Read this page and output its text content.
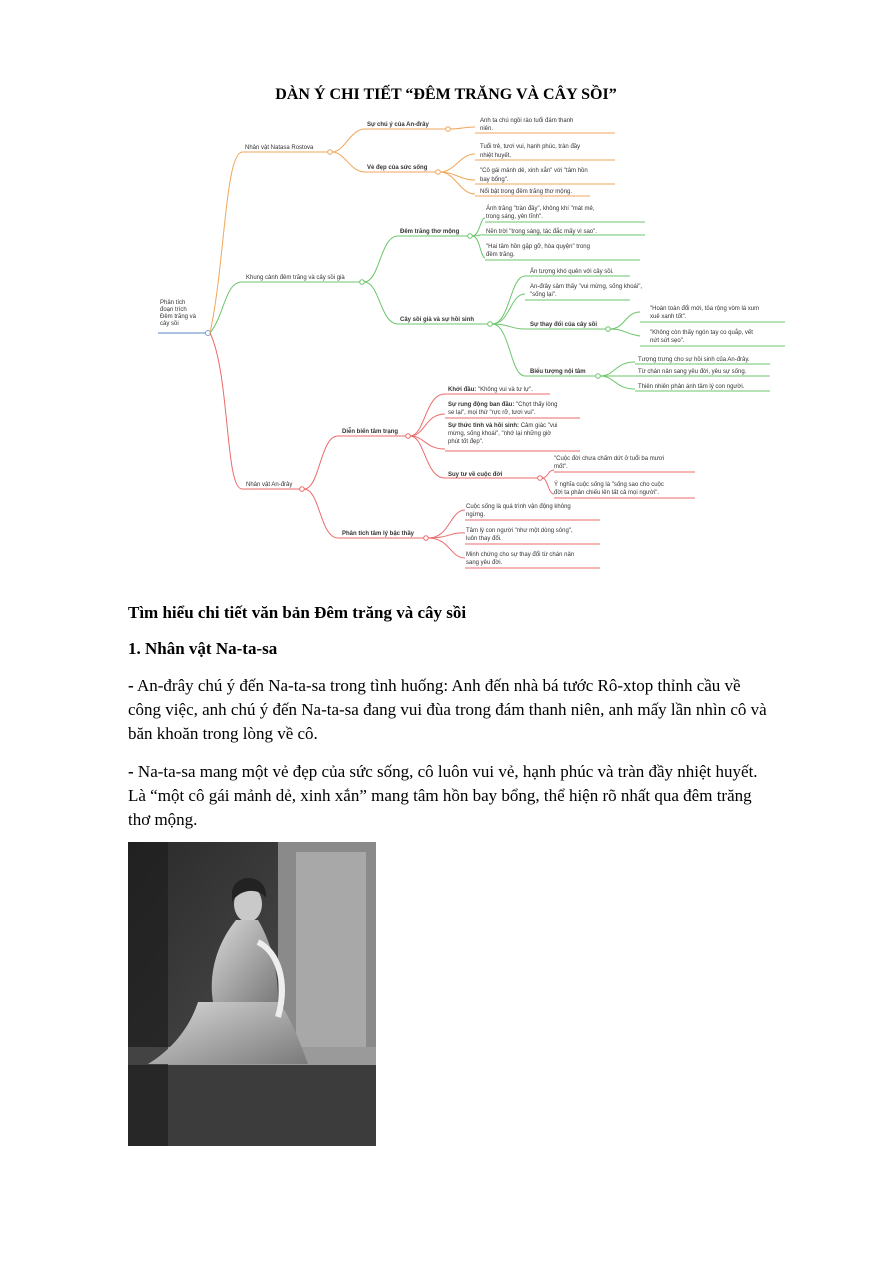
DÀN Ý CHI TIẾT “ĐÊM TRĂNG VÀ CÂY SỒI”
Phân tích
đoạn trích
Đêm trăng và
cây sồi
Nhân vật Natasa Rostova
Sự chú ý của An-đrây
Anh ta chú ngồi rào tuổi đám thanh
niên.
Vẻ đẹp của sức sống
Tuổi trẻ, tươi vui, hạnh phúc, tràn đầy
nhiệt huyết.
"Cô gái mảnh dẻ, xinh xắn" với "tâm hồn
bay bổng".
Nổi bật trong đêm trăng thơ mộng.
Khung cảnh đêm trăng và cây sồi già
Đêm trăng thơ mộng
Ánh trăng "tràn đầy", không khí "mát mẻ,
trong sáng, yên tĩnh".
Nền trời "trong sáng, tác đắc mấy vì sao".
"Hai tâm hồn gặp gỡ, hòa quyện" trong
đêm trăng.
Cây sồi già và sự hồi sinh
Ấn tượng khó quên với cây sồi.
An-đrây sâm thấy "vui mừng, sống khoái",
"sống lại".
Sự thay đổi của cây sồi
"Hoàn toàn đổi mới, tỏa rộng vòm lá xum
xuê xanh tốt".
"Không còn thấy ngón tay co quắp, vết
nứt sứt sẹo".
Biểu tượng nội tâm
Tượng trưng cho sự hồi sinh của An-đrây.
Từ chán nản sang yêu đời, yêu sự sống.
Thiên nhiên phản ánh tâm lý con người.
Nhân vật An-đrây
Diễn biến tâm trạng
Khởi đầu: "Không vui và tư lự".
Sự rung động ban đầu: "Chợt thấy lòng
se lại", mọi thứ "rực rỡ, tươi vui".
Sự thức tỉnh và hồi sinh: Cảm giác "vui
mừng, sống khoái", "nhớ lại những giờ
phút tốt đẹp".
Suy tư về cuộc đời
"Cuộc đời chưa chấm dứt ở tuổi ba mươi
mốt".
Ý nghĩa cuộc sống là "sống sao cho cuộc
đời ta phản chiếu lên tất cả mọi người".
Phân tích tâm lý bậc thầy
Cuộc sống là quá trình vận động không
ngừng.
Tâm lý con người "như một dòng sông",
luôn thay đổi.
Minh chứng cho sự thay đổi từ chán nản
sang yêu đời.
Tìm hiểu chi tiết văn bản Đêm trăng và cây sồi
1. Nhân vật Na-ta-sa
- An-đrây chú ý đến Na-ta-sa trong tình huống: Anh đến nhà bá tước Rô-xtop thỉnh cầu về
công việc, anh chú ý đến Na-ta-sa đang vui đùa trong đám thanh niên, anh mấy lần nhìn cô và
băn khoăn trong lòng về cô.
- Na-ta-sa mang một vẻ đẹp của sức sống, cô luôn vui vẻ, hạnh phúc và tràn đầy nhiệt huyết.
Là “một cô gái mảnh dẻ, xinh xắn” mang tâm hồn bay bổng, thể hiện rõ nhất qua đêm trăng
thơ mộng.
